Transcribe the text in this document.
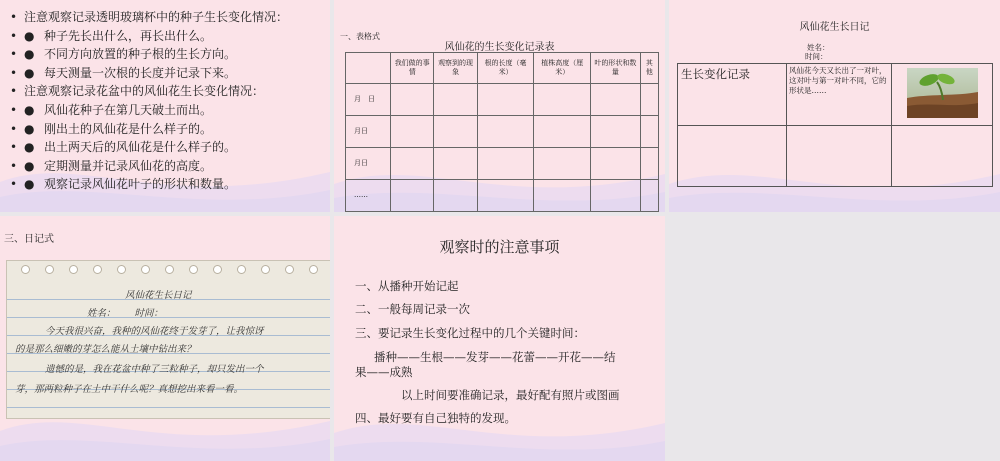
• 注意观察记录透明玻璃杯中的种子生长变化情况：
• ● 种子先长出什么，再长出什么。
• ● 不同方向放置的种子根的生长方向。
• ● 每天测量一次根的长度并记录下来。
• 注意观察记录花盆中的风仙花生长变化情况：
• ● 风仙花种子在第几天破土而出。
• ● 刚出土的风仙花是什么样子的。
• ● 出土两天后的风仙花是什么样子的。
• ● 定期测量并记录风仙花的高度。
• ● 观察记录风仙花叶子的形状和数量。
一、表格式
风仙花的生长变化记录表
	我们做的事情	观察到的现象	根的长度（毫米）	植株高度（厘米）	叶的形状和数量	其他
月　日						
月日						
月日						
……						
风仙花生长日记
姓名：
时间：
生长变化记录	风仙花今天又长出了一对叶，这对叶与第一对叶不同，它的形状是……	

三、日记式
风仙花生长日记
姓名：　　时间：
今天我很兴奋，我种的风仙花终于发芽了，让我惊讶
的是那么细嫩的芽怎么能从土壤中钻出来？
遗憾的是，我在花盆中种了三粒种子，却只发出一个
芽，那两粒种子在土中干什么呢？真想挖出来看一看。
观察时的注意事项
一、从播种开始记起
二、一般每周记录一次
三、要记录生长变化过程中的几个关键时间：
播种——生根——发芽——花蕾——开花——结
果——成熟
以上时间要准确记录，最好配有照片或图画
四、最好要有自己独特的发现。
